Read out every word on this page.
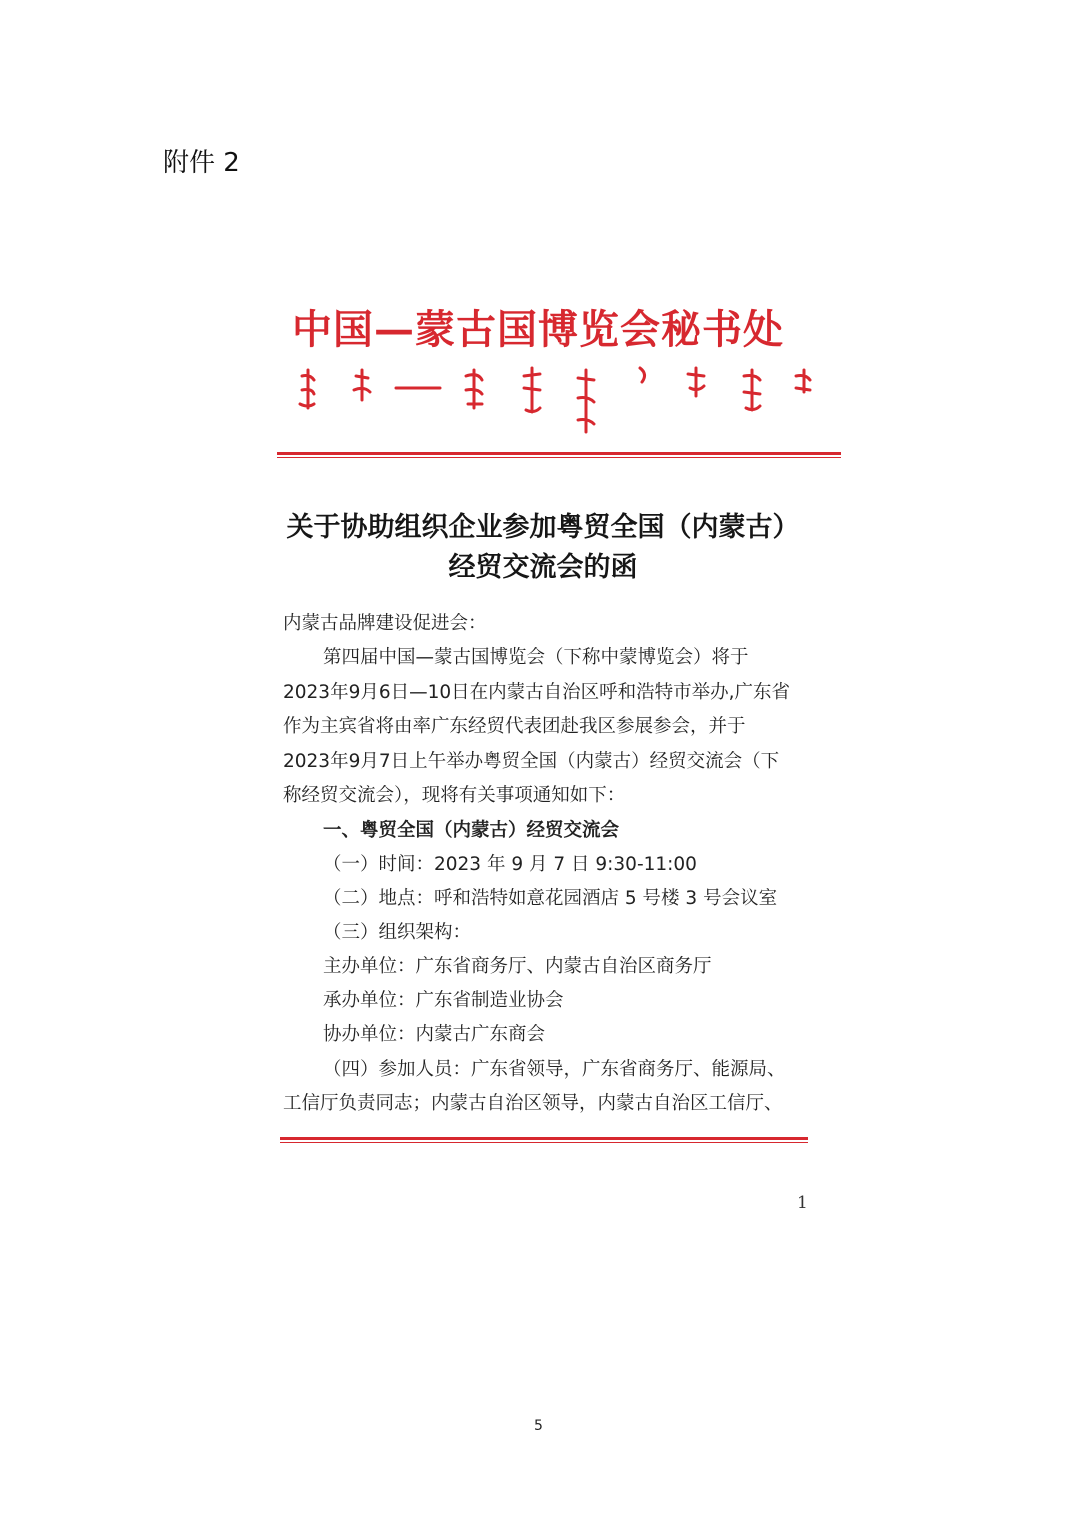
附件 2
中国—蒙古国博览会秘书处
关于协助组织企业参加粤贸全国（内蒙古）
经贸交流会的函
内蒙古品牌建设促进会：
第四届中国—蒙古国博览会（下称中蒙博览会）将于
2023年9月6日—10日在内蒙古自治区呼和浩特市举办,广东省
作为主宾省将由率广东经贸代表团赴我区参展参会，并于
2023年9月7日上午举办粤贸全国（内蒙古）经贸交流会（下
称经贸交流会），现将有关事项通知如下：
一、粤贸全国（内蒙古）经贸交流会
（一）时间：2023 年 9 月 7 日 9:30-11:00
（二）地点：呼和浩特如意花园酒店 5 号楼 3 号会议室
（三）组织架构：
主办单位：广东省商务厅、内蒙古自治区商务厅
承办单位：广东省制造业协会
协办单位：内蒙古广东商会
（四）参加人员：广东省领导，广东省商务厅、能源局、
工信厅负责同志；内蒙古自治区领导，内蒙古自治区工信厅、
1
5
